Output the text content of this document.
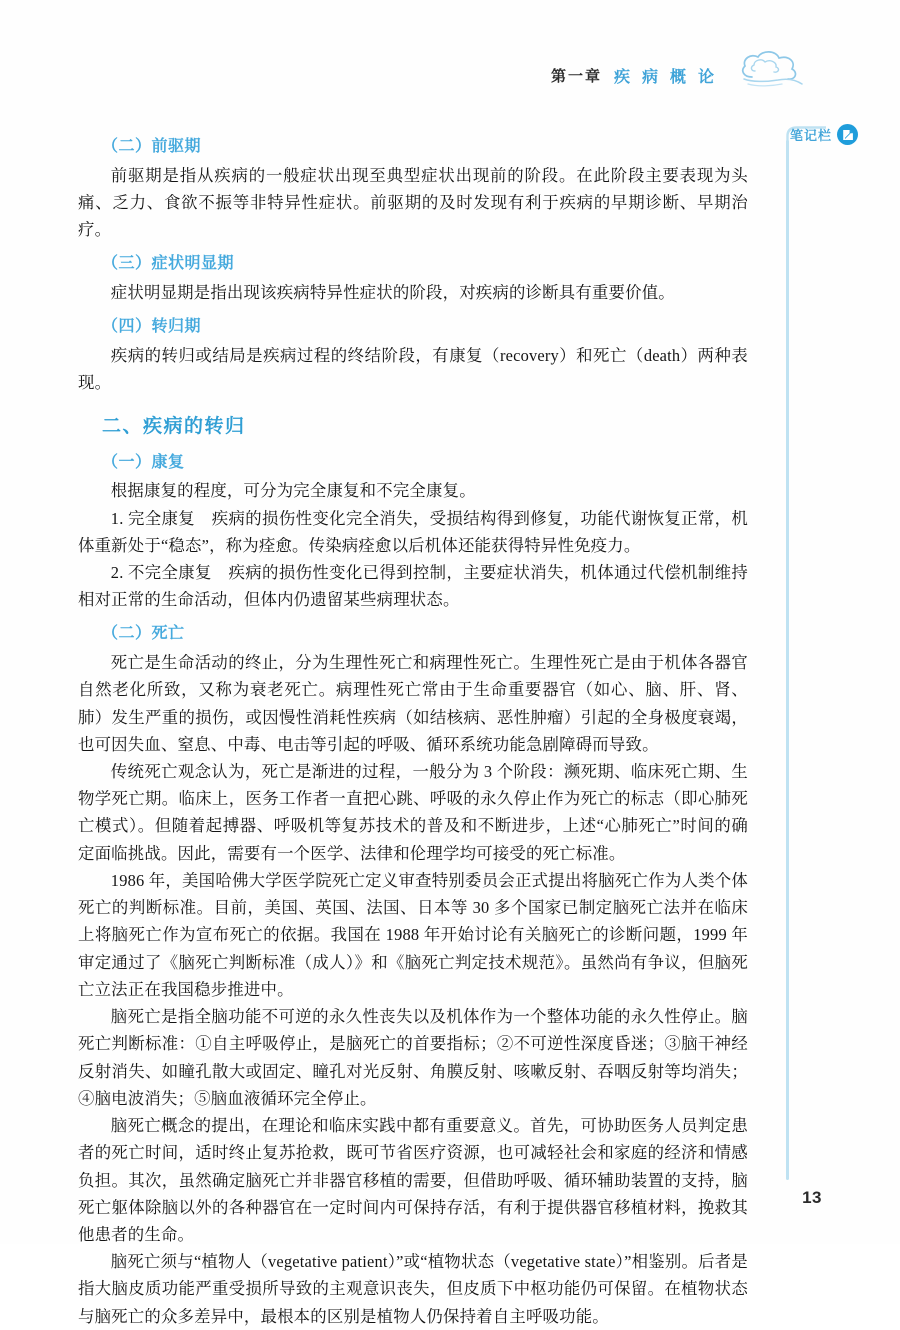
第一章 疾 病 概 论
笔记栏
（二）前驱期

前驱期是指从疾病的一般症状出现至典型症状出现前的阶段。在此阶段主要表现为头痛、乏力、食欲不振等非特异性症状。前驱期的及时发现有利于疾病的早期诊断、早期治疗。

（三）症状明显期

症状明显期是指出现该疾病特异性症状的阶段，对疾病的诊断具有重要价值。

（四）转归期

疾病的转归或结局是疾病过程的终结阶段，有康复（recovery）和死亡（death）两种表现。

二、疾病的转归
（一）康复

根据康复的程度，可分为完全康复和不完全康复。

1. 完全康复　疾病的损伤性变化完全消失，受损结构得到修复，功能代谢恢复正常，机体重新处于“稳态”，称为痊愈。传染病痊愈以后机体还能获得特异性免疫力。

2. 不完全康复　疾病的损伤性变化已得到控制，主要症状消失，机体通过代偿机制维持相对正常的生命活动，但体内仍遗留某些病理状态。

（二）死亡

死亡是生命活动的终止，分为生理性死亡和病理性死亡。生理性死亡是由于机体各器官自然老化所致，又称为衰老死亡。病理性死亡常由于生命重要器官（如心、脑、肝、肾、肺）发生严重的损伤，或因慢性消耗性疾病（如结核病、恶性肿瘤）引起的全身极度衰竭，也可因失血、窒息、中毒、电击等引起的呼吸、循环系统功能急剧障碍而导致。

传统死亡观念认为，死亡是渐进的过程，一般分为 3 个阶段：濒死期、临床死亡期、生物学死亡期。临床上，医务工作者一直把心跳、呼吸的永久停止作为死亡的标志（即心肺死亡模式）。但随着起搏器、呼吸机等复苏技术的普及和不断进步，上述“心肺死亡”时间的确定面临挑战。因此，需要有一个医学、法律和伦理学均可接受的死亡标准。

1986 年，美国哈佛大学医学院死亡定义审查特别委员会正式提出将脑死亡作为人类个体死亡的判断标准。目前，美国、英国、法国、日本等 30 多个国家已制定脑死亡法并在临床上将脑死亡作为宣布死亡的依据。我国在 1988 年开始讨论有关脑死亡的诊断问题，1999 年审定通过了《脑死亡判断标准（成人）》和《脑死亡判定技术规范》。虽然尚有争议，但脑死亡立法正在我国稳步推进中。

脑死亡是指全脑功能不可逆的永久性丧失以及机体作为一个整体功能的永久性停止。脑死亡判断标准：①自主呼吸停止，是脑死亡的首要指标；②不可逆性深度昏迷；③脑干神经反射消失、如瞳孔散大或固定、瞳孔对光反射、角膜反射、咳嗽反射、吞咽反射等均消失；④脑电波消失；⑤脑血液循环完全停止。

脑死亡概念的提出，在理论和临床实践中都有重要意义。首先，可协助医务人员判定患者的死亡时间，适时终止复苏抢救，既可节省医疗资源，也可减轻社会和家庭的经济和情感负担。其次，虽然确定脑死亡并非器官移植的需要，但借助呼吸、循环辅助装置的支持，脑死亡躯体除脑以外的各种器官在一定时间内可保持存活，有利于提供器官移植材料，挽救其他患者的生命。

脑死亡须与“植物人（vegetative patient）”或“植物状态（vegetative state）”相鉴别。后者是指大脑皮质功能严重受损所导致的主观意识丧失，但皮质下中枢功能仍可保留。在植物状态与脑死亡的众多差异中，最根本的区别是植物人仍保持着自主呼吸功能。

13
